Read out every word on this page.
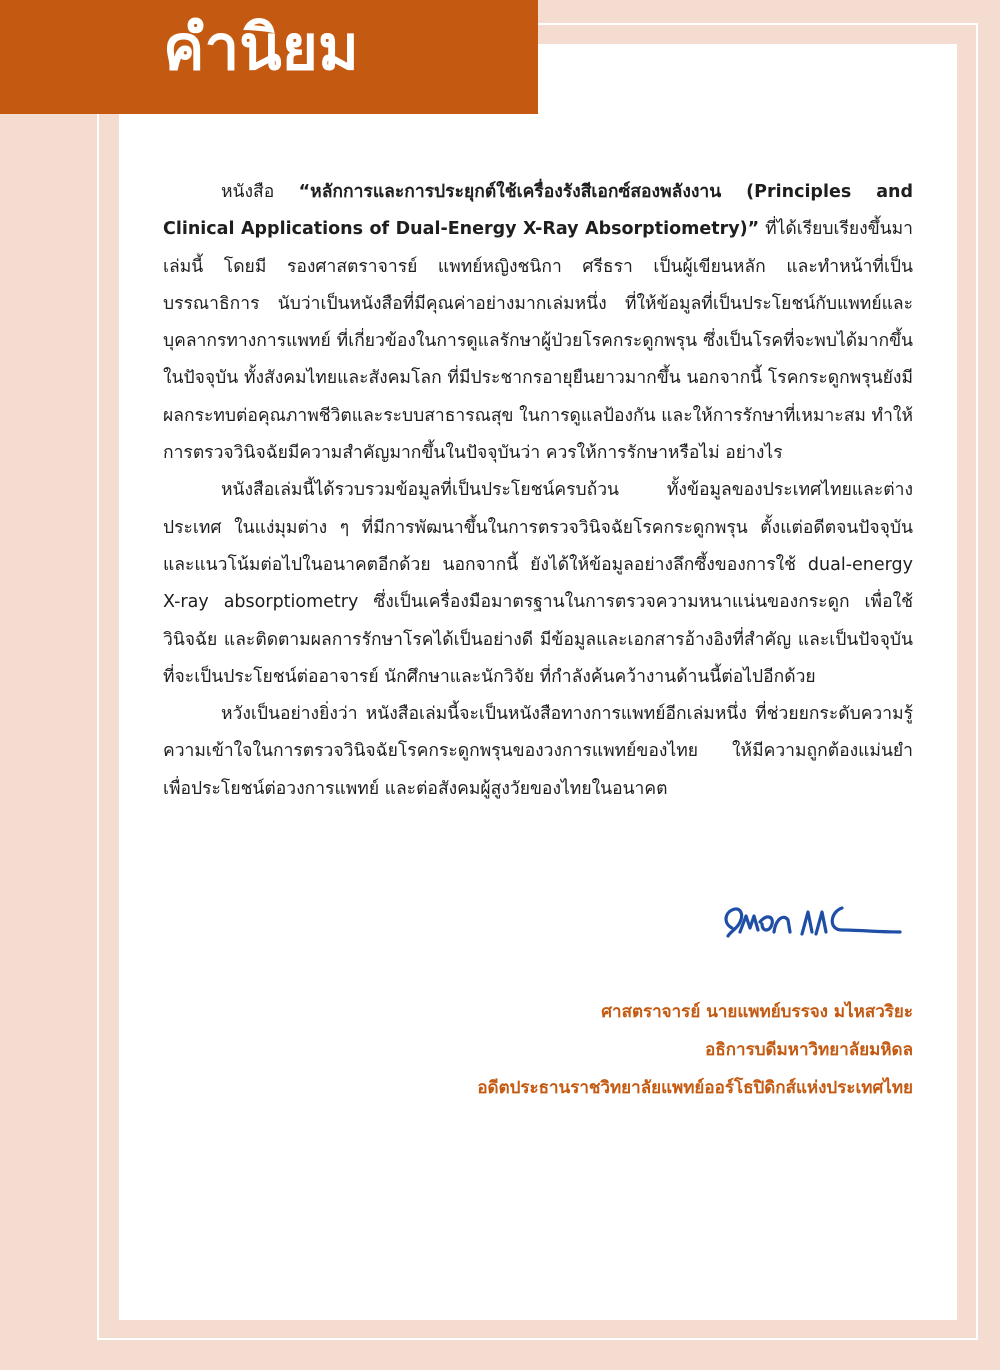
คำนิยม

หนังสือ “หลักการและการประยุกต์ใช้เครื่องรังสีเอกซ์สองพลังงาน (Principles and Clinical Applications of Dual-Energy X-Ray Absorptiometry)” ที่ได้เรียบเรียงขึ้นมาเล่มนี้ โดยมี รองศาสตราจารย์ แพทย์หญิงชนิกา ศรีธรา เป็นผู้เขียนหลัก และทำหน้าที่เป็นบรรณาธิการ นับว่าเป็นหนังสือที่มีคุณค่าอย่างมากเล่มหนึ่ง ที่ให้ข้อมูลที่เป็นประโยชน์กับแพทย์และบุคลากรทางการแพทย์ ที่เกี่ยวข้องในการดูแลรักษาผู้ป่วยโรคกระดูกพรุน ซึ่งเป็นโรคที่จะพบได้มากขึ้นในปัจจุบัน ทั้งสังคมไทยและสังคมโลก ที่มีประชากรอายุยืนยาวมากขึ้น นอกจากนี้ โรคกระดูกพรุนยังมีผลกระทบต่อคุณภาพชีวิตและระบบสาธารณสุข ในการดูแลป้องกัน และให้การรักษาที่เหมาะสม ทำให้การตรวจวินิจฉัยมีความสำคัญมากขึ้นในปัจจุบันว่า ควรให้การรักษาหรือไม่ อย่างไร

หนังสือเล่มนี้ได้รวบรวมข้อมูลที่เป็นประโยชน์ครบถ้วน ทั้งข้อมูลของประเทศไทยและต่างประเทศ ในแง่มุมต่าง ๆ ที่มีการพัฒนาขึ้นในการตรวจวินิจฉัยโรคกระดูกพรุน ตั้งแต่อดีตจนปัจจุบัน และแนวโน้มต่อไปในอนาคตอีกด้วย นอกจากนี้ ยังได้ให้ข้อมูลอย่างลึกซึ้งของการใช้ dual-energy X-ray absorptiometry ซึ่งเป็นเครื่องมือมาตรฐานในการตรวจความหนาแน่นของกระดูก เพื่อใช้วินิจฉัย และติดตามผลการรักษาโรคได้เป็นอย่างดี มีข้อมูลและเอกสารอ้างอิงที่สำคัญ และเป็นปัจจุบันที่จะเป็นประโยชน์ต่ออาจารย์ นักศึกษาและนักวิจัย ที่กำลังค้นคว้างานด้านนี้ต่อไปอีกด้วย

หวังเป็นอย่างยิ่งว่า หนังสือเล่มนี้จะเป็นหนังสือทางการแพทย์อีกเล่มหนึ่ง ที่ช่วยยกระดับความรู้ความเข้าใจในการตรวจวินิจฉัยโรคกระดูกพรุนของวงการแพทย์ของไทย ให้มีความถูกต้องแม่นยำ เพื่อประโยชน์ต่อวงการแพทย์ และต่อสังคมผู้สูงวัยของไทยในอนาคต

ศาสตราจารย์ นายแพทย์บรรจง มไหสวริยะ
อธิการบดีมหาวิทยาลัยมหิดล
อดีตประธานราชวิทยาลัยแพทย์ออร์โธปิดิกส์แห่งประเทศไทย
